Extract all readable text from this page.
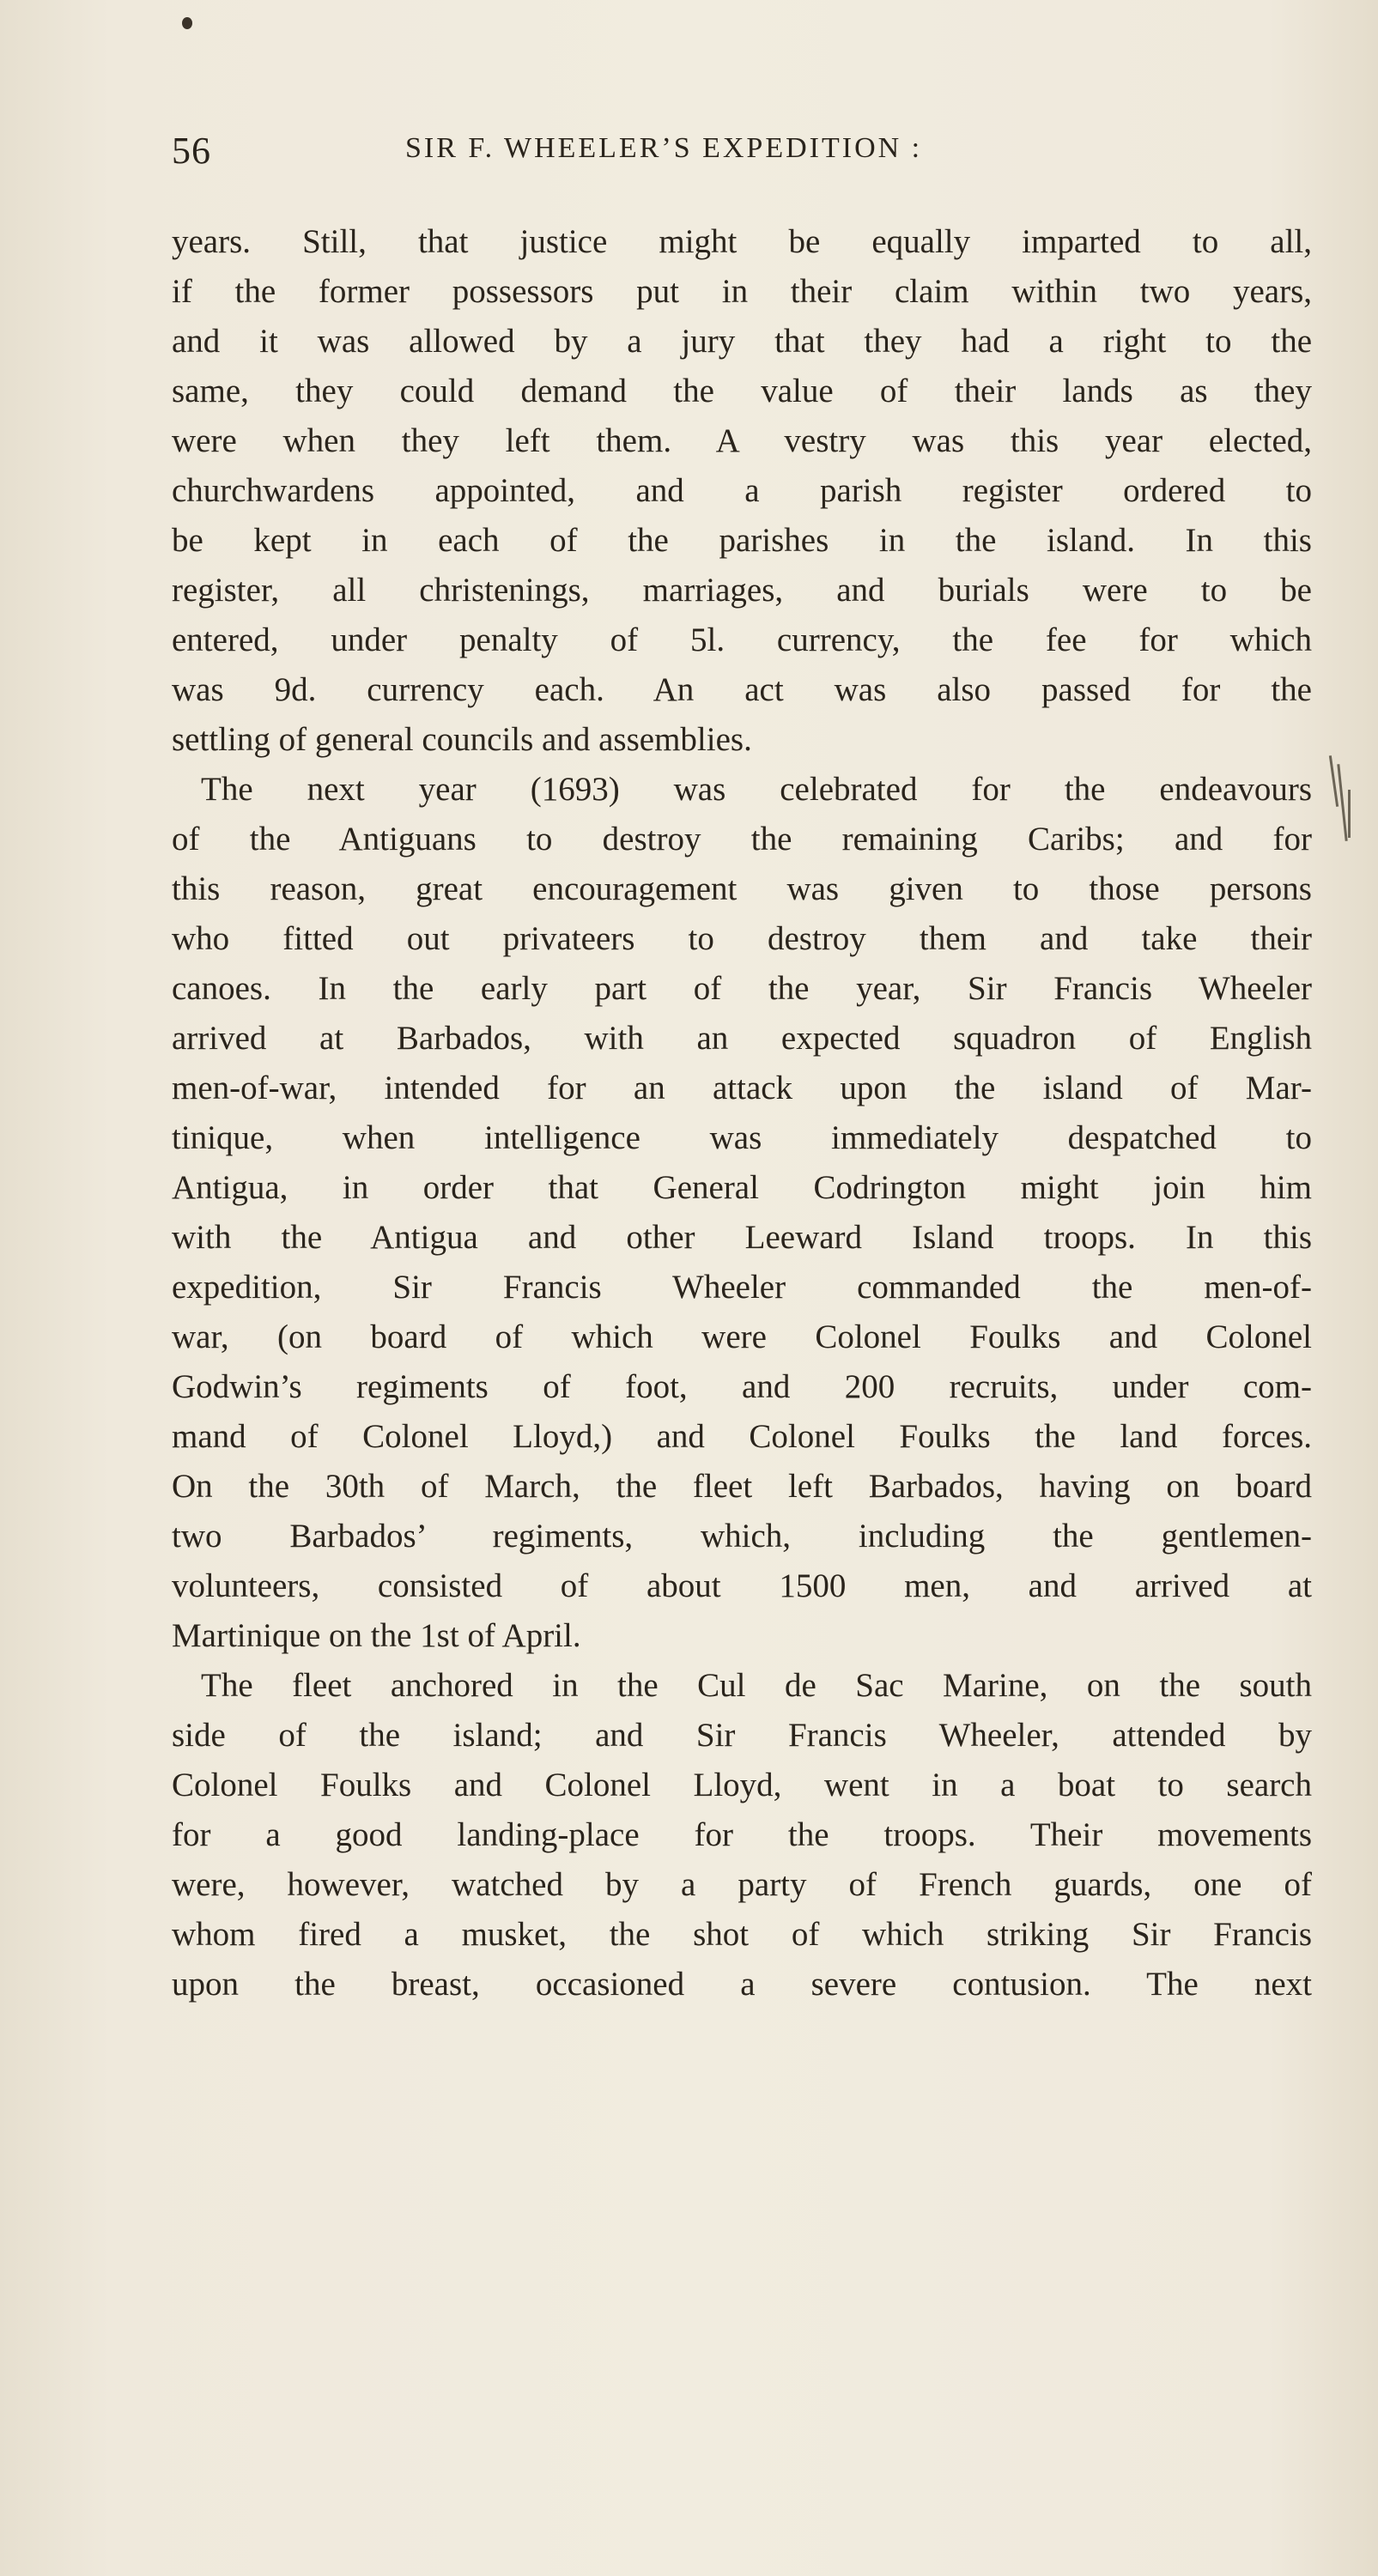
56	SIR F. WHEELER’S EXPEDITION :
years. Still, that justice might be equally imparted to all,
if the former possessors put in their claim within two years,
and it was allowed by a jury that they had a right to the
same, they could demand the value of their lands as they
were when they left them. A vestry was this year elected,
churchwardens appointed, and a parish register ordered to
be kept in each of the parishes in the island. In this
register, all christenings, marriages, and burials were to be
entered, under penalty of 5l. currency, the fee for which
was 9d. currency each. An act was also passed for the
settling of general councils and assemblies.
The next year (1693) was celebrated for the endeavours
of the Antiguans to destroy the remaining Caribs; and for
this reason, great encouragement was given to those persons
who fitted out privateers to destroy them and take their
canoes. In the early part of the year, Sir Francis Wheeler
arrived at Barbados, with an expected squadron of English
men-of-war, intended for an attack upon the island of Mar-
tinique, when intelligence was immediately despatched to
Antigua, in order that General Codrington might join him
with the Antigua and other Leeward Island troops. In this
expedition, Sir Francis Wheeler commanded the men-of-
war, (on board of which were Colonel Foulks and Colonel
Godwin’s regiments of foot, and 200 recruits, under com-
mand of Colonel Lloyd,) and Colonel Foulks the land forces.
On the 30th of March, the fleet left Barbados, having on board
two Barbados’ regiments, which, including the gentlemen-
volunteers, consisted of about 1500 men, and arrived at
Martinique on the 1st of April.
The fleet anchored in the Cul de Sac Marine, on the south
side of the island; and Sir Francis Wheeler, attended by
Colonel Foulks and Colonel Lloyd, went in a boat to search
for a good landing-place for the troops. Their movements
were, however, watched by a party of French guards, one of
whom fired a musket, the shot of which striking Sir Francis
upon the breast, occasioned a severe contusion. The next
